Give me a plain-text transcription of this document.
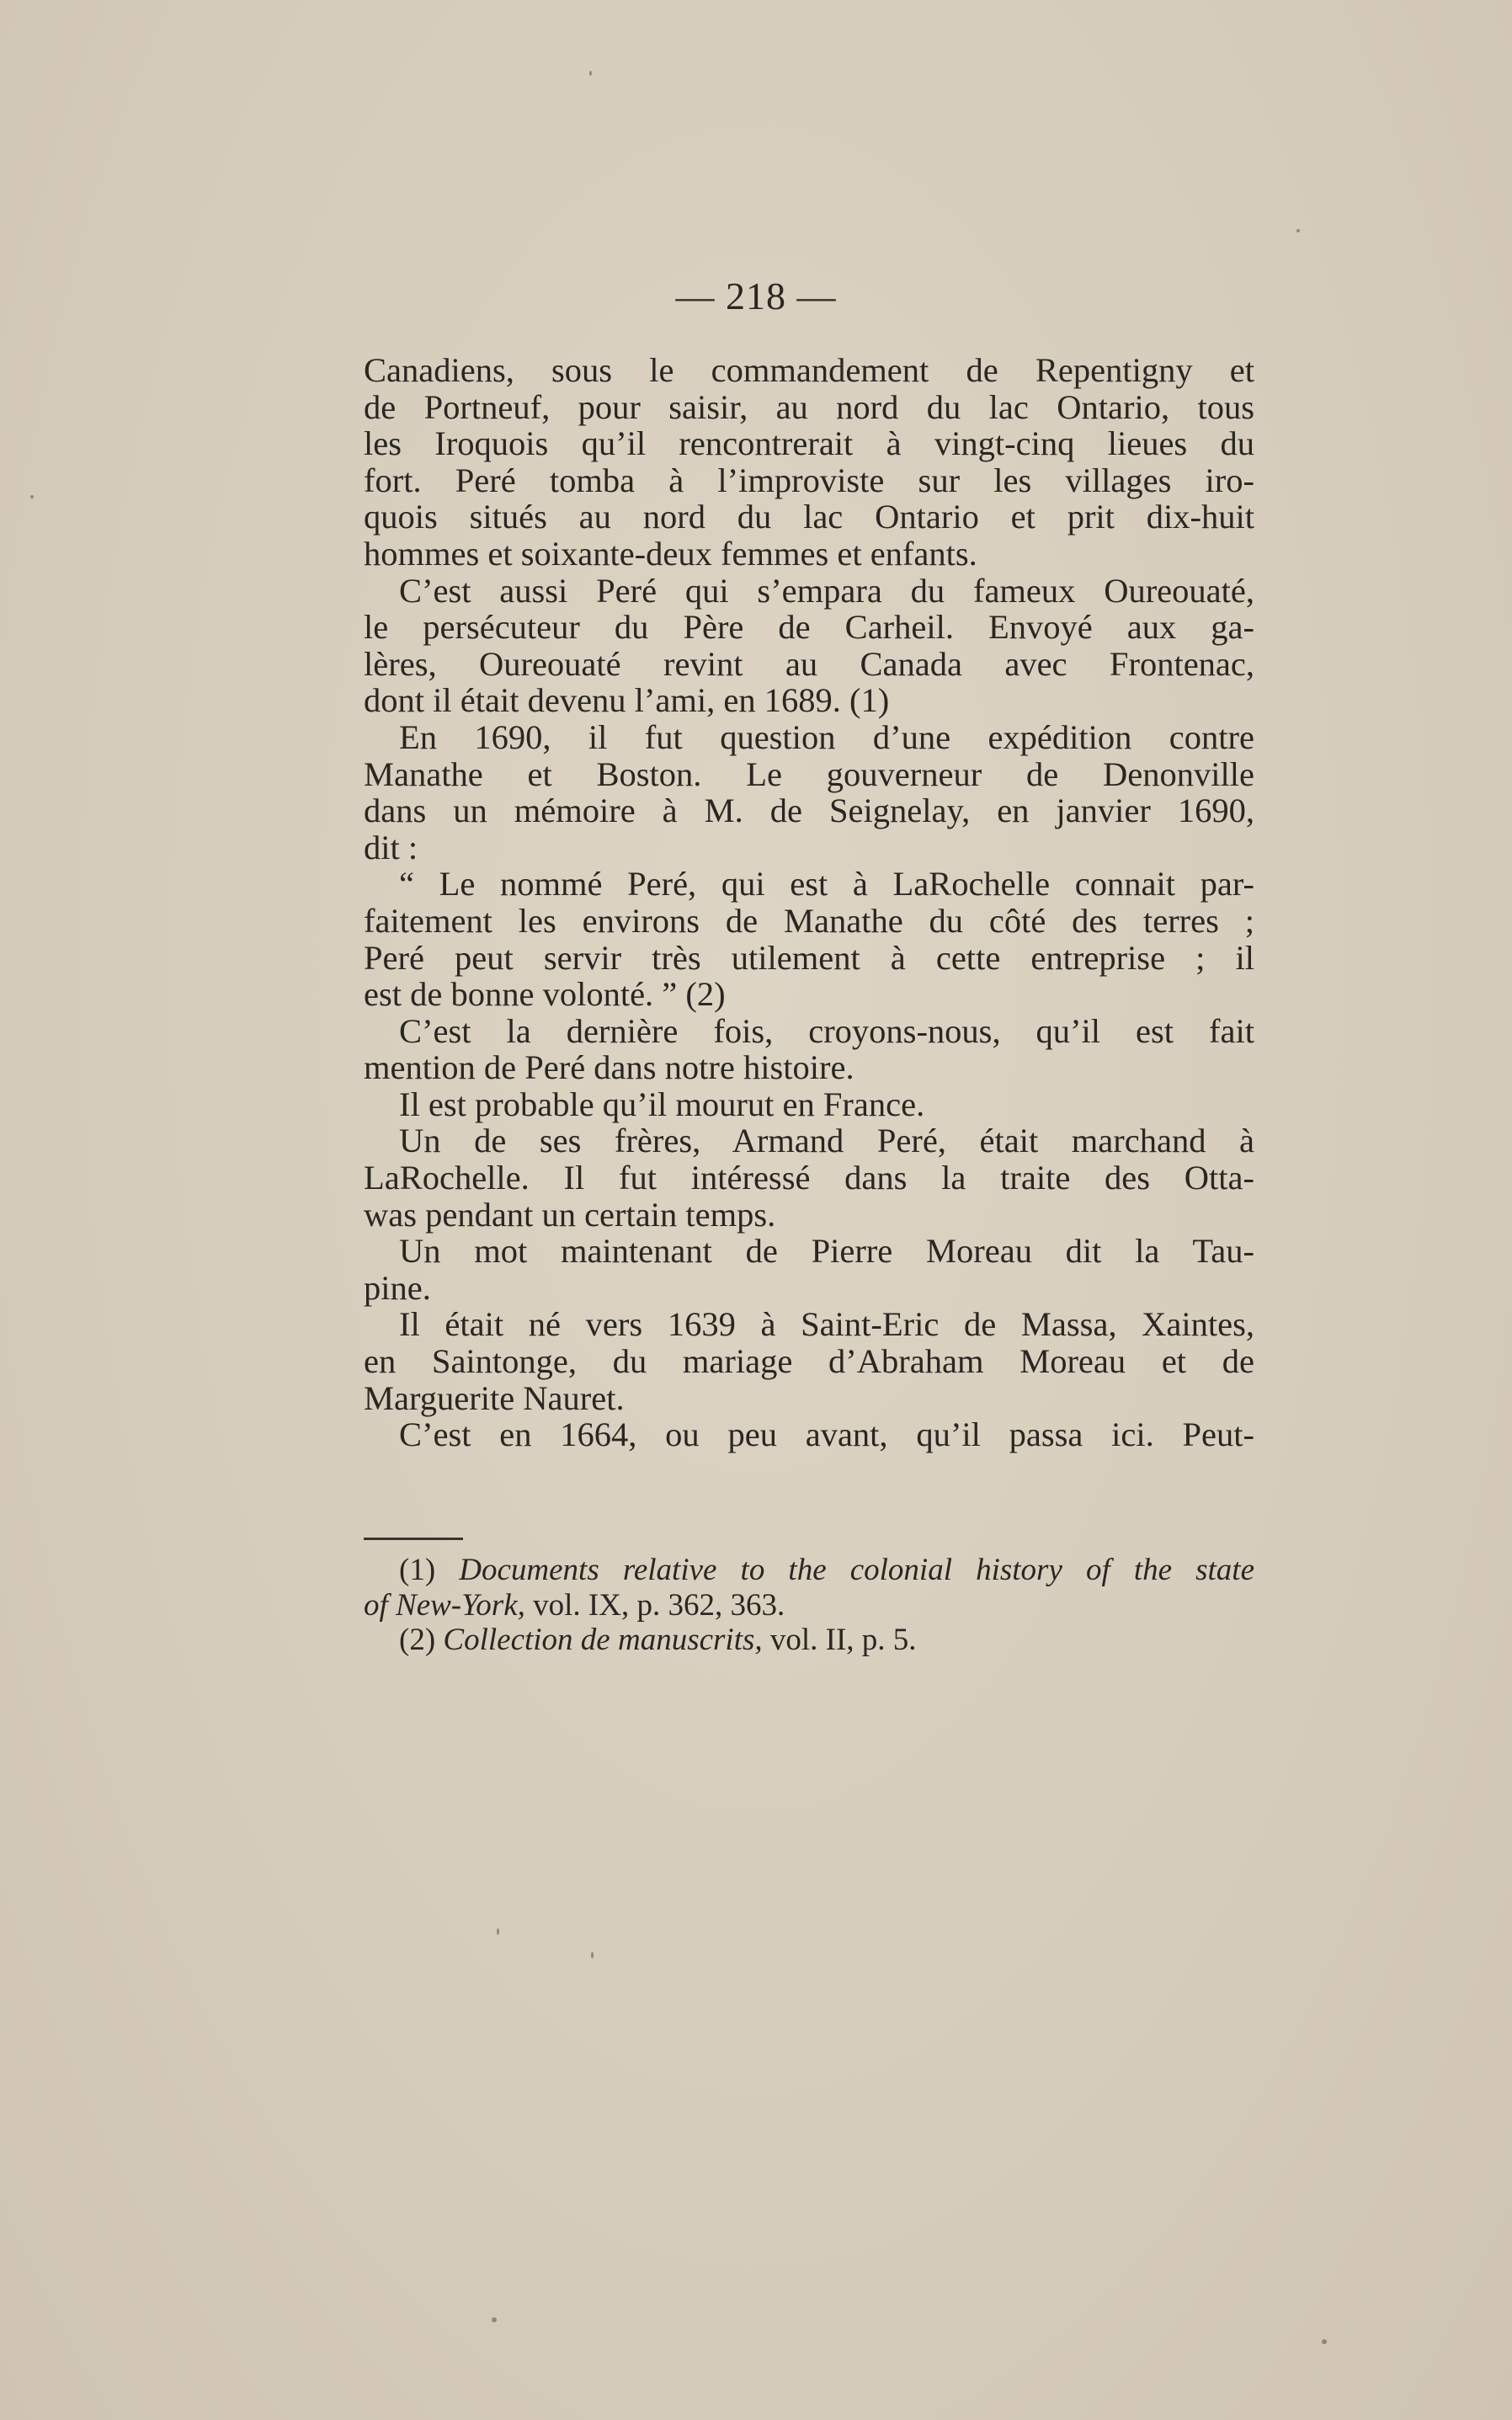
— 218 —
Canadiens, sous le commandement de Repentigny et
de Portneuf, pour saisir, au nord du lac Ontario, tous
les Iroquois qu’il rencontrerait à vingt-cinq lieues du
fort. Peré tomba à l’improviste sur les villages iro-
quois situés au nord du lac Ontario et prit dix-huit
hommes et soixante-deux femmes et enfants.
C’est aussi Peré qui s’empara du fameux Oureouaté,
le persécuteur du Père de Carheil. Envoyé aux ga-
lères, Oureouaté revint au Canada avec Frontenac,
dont il était devenu l’ami, en 1689. (1)
En 1690, il fut question d’une expédition contre
Manathe et Boston. Le gouverneur de Denonville
dans un mémoire à M. de Seignelay, en janvier 1690,
dit :
“ Le nommé Peré, qui est à LaRochelle connait par-
faitement les environs de Manathe du côté des terres ;
Peré peut servir très utilement à cette entreprise ; il
est de bonne volonté. ” (2)
C’est la dernière fois, croyons-nous, qu’il est fait
mention de Peré dans notre histoire.
Il est probable qu’il mourut en France.
Un de ses frères, Armand Peré, était marchand à
LaRochelle. Il fut intéressé dans la traite des Otta-
was pendant un certain temps.
Un mot maintenant de Pierre Moreau dit la Tau-
pine.
Il était né vers 1639 à Saint-Eric de Massa, Xaintes,
en Saintonge, du mariage d’Abraham Moreau et de
Marguerite Nauret.
C’est en 1664, ou peu avant, qu’il passa ici. Peut-
(1) Documents relative to the colonial history of the state
of New-York, vol. IX, p. 362, 363.
(2) Collection de manuscrits, vol. II, p. 5.
